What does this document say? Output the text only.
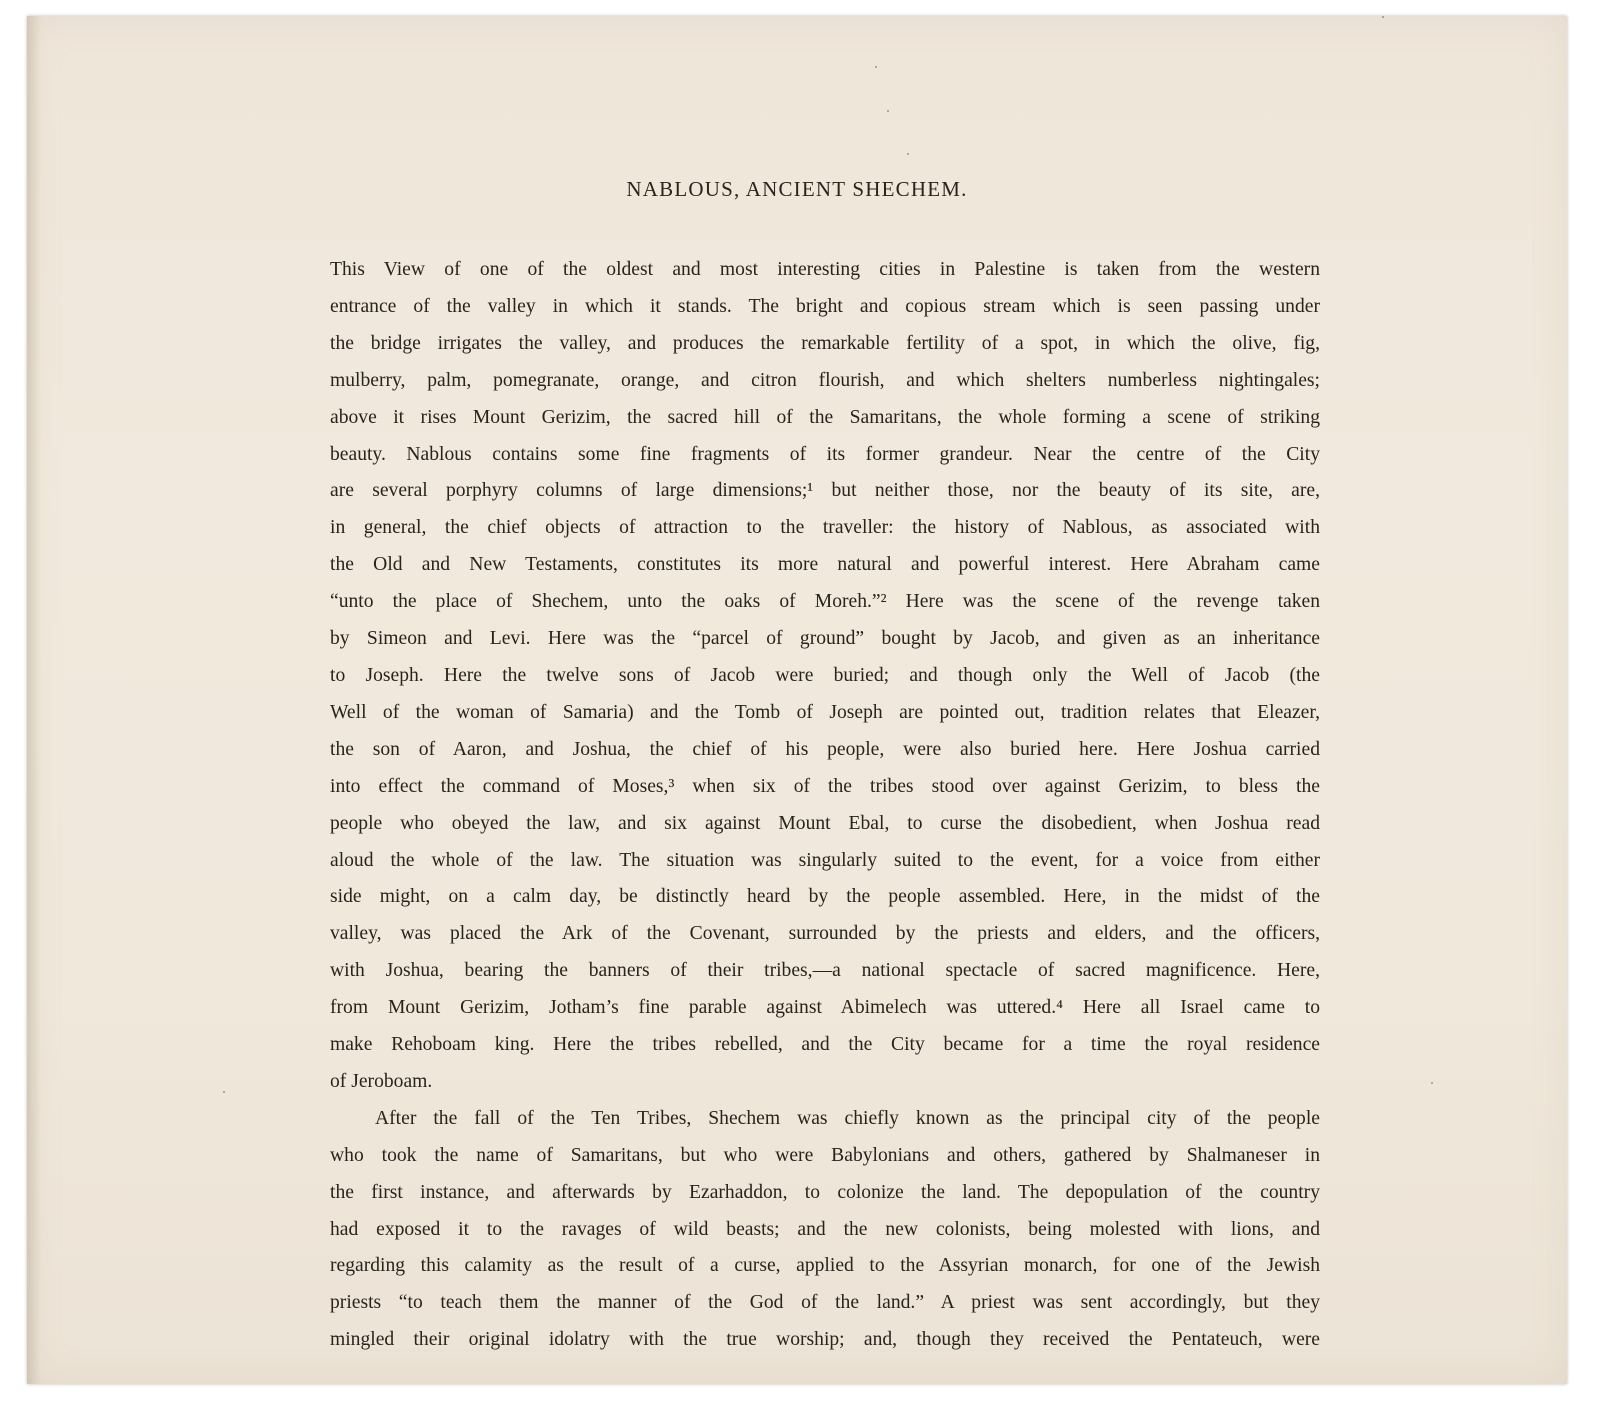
NABLOUS, ANCIENT SHECHEM.
This View of one of the oldest and most interesting cities in Palestine is taken from the western
entrance of the valley in which it stands. The bright and copious stream which is seen passing under
the bridge irrigates the valley, and produces the remarkable fertility of a spot, in which the olive, fig,
mulberry, palm, pomegranate, orange, and citron flourish, and which shelters numberless nightingales;
above it rises Mount Gerizim, the sacred hill of the Samaritans, the whole forming a scene of striking
beauty. Nablous contains some fine fragments of its former grandeur. Near the centre of the City
are several porphyry columns of large dimensions;¹ but neither those, nor the beauty of its site, are,
in general, the chief objects of attraction to the traveller: the history of Nablous, as associated with
the Old and New Testaments, constitutes its more natural and powerful interest. Here Abraham came
“unto the place of Shechem, unto the oaks of Moreh.”² Here was the scene of the revenge taken
by Simeon and Levi. Here was the “parcel of ground” bought by Jacob, and given as an inheritance
to Joseph. Here the twelve sons of Jacob were buried; and though only the Well of Jacob (the
Well of the woman of Samaria) and the Tomb of Joseph are pointed out, tradition relates that Eleazer,
the son of Aaron, and Joshua, the chief of his people, were also buried here. Here Joshua carried
into effect the command of Moses,³ when six of the tribes stood over against Gerizim, to bless the
people who obeyed the law, and six against Mount Ebal, to curse the disobedient, when Joshua read
aloud the whole of the law. The situation was singularly suited to the event, for a voice from either
side might, on a calm day, be distinctly heard by the people assembled. Here, in the midst of the
valley, was placed the Ark of the Covenant, surrounded by the priests and elders, and the officers,
with Joshua, bearing the banners of their tribes,—a national spectacle of sacred magnificence. Here,
from Mount Gerizim, Jotham’s fine parable against Abimelech was uttered.⁴ Here all Israel came to
make Rehoboam king. Here the tribes rebelled, and the City became for a time the royal residence
of Jeroboam.
After the fall of the Ten Tribes, Shechem was chiefly known as the principal city of the people
who took the name of Samaritans, but who were Babylonians and others, gathered by Shalmaneser in
the first instance, and afterwards by Ezarhaddon, to colonize the land. The depopulation of the country
had exposed it to the ravages of wild beasts; and the new colonists, being molested with lions, and
regarding this calamity as the result of a curse, applied to the Assyrian monarch, for one of the Jewish
priests “to teach them the manner of the God of the land.” A priest was sent accordingly, but they
mingled their original idolatry with the true worship; and, though they received the Pentateuch, were
